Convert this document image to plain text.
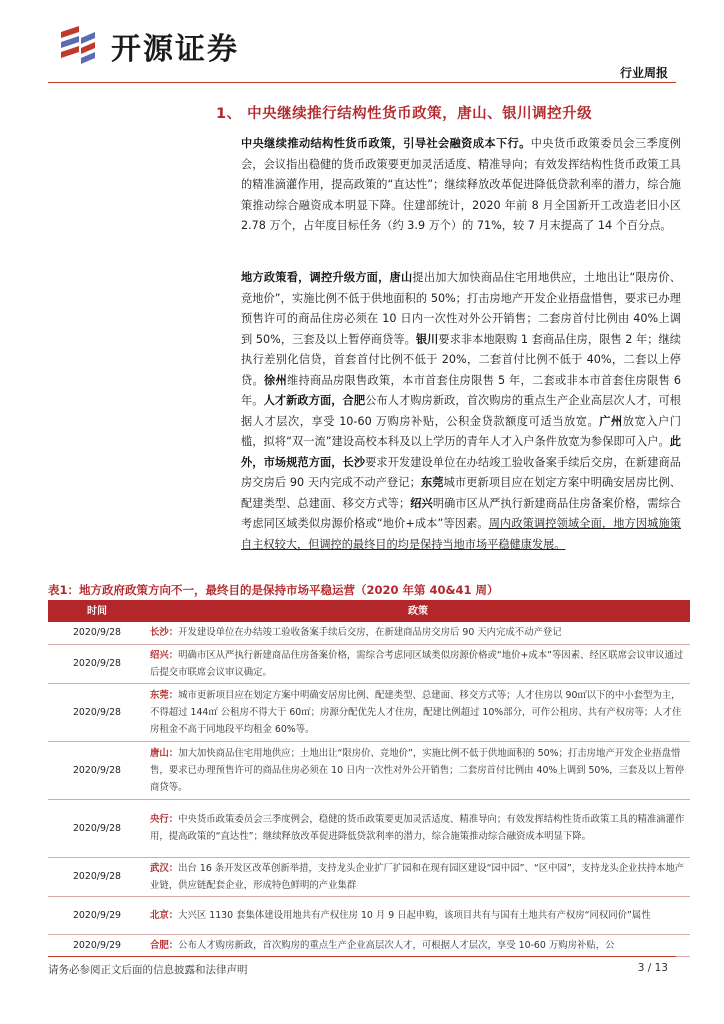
开源证券
行业周报
1、 中央继续推行结构性货币政策，唐山、银川调控升级
中央继续推动结构性货币政策，引导社会融资成本下行。中央货币政策委员会三季度例会，会议指出稳健的货币政策要更加灵活适度、精准导向；有效发挥结构性货币政策工具的精准滴灌作用，提高政策的“直达性”；继续释放改革促进降低贷款利率的潜力，综合施策推动综合融资成本明显下降。住建部统计，2020 年前 8 月全国新开工改造老旧小区 2.78 万个，占年度目标任务（约 3.9 万个）的 71%，较 7 月末提高了 14 个百分点。
地方政策看，调控升级方面，唐山提出加大加快商品住宅用地供应，土地出让“限房价、竞地价”，实施比例不低于供地面积的 50%；打击房地产开发企业捂盘惜售，要求已办理预售许可的商品住房必须在 10 日内一次性对外公开销售；二套房首付比例由 40%上调到 50%，三套及以上暂停商贷等。银川要求非本地限购 1 套商品住房，限售 2 年；继续执行差别化信贷，首套首付比例不低于 20%，二套首付比例不低于 40%，二套以上停贷。徐州维持商品房限售政策，本市首套住房限售 5 年，二套或非本市首套住房限售 6 年。人才新政方面，合肥公布人才购房新政，首次购房的重点生产企业高层次人才，可根据人才层次，享受 10-60 万购房补贴，公积金贷款额度可适当放宽。广州放宽入户门槛，拟将“双一流”建设高校本科及以上学历的青年人才入户条件放宽为参保即可入户。此外，市场规范方面，长沙要求开发建设单位在办结竣工验收备案手续后交房，在新建商品房交房后 90 天内完成不动产登记；东莞城市更新项目应在划定方案中明确安居房比例、配建类型、总建面、移交方式等；绍兴明确市区从严执行新建商品住房备案价格，需综合考虑同区域类似房源价格或“地价+成本”等因素。周内政策调控领域全面，地方因城施策自主权较大，但调控的最终目的均是保持当地市场平稳健康发展。
表1：地方政府政策方向不一，最终目的是保持市场平稳运营（2020 年第 40&41 周）
时间	政策
2020/9/28	长沙：开发建设单位在办结竣工验收备案手续后交房，在新建商品房交房后 90 天内完成不动产登记
2020/9/28	绍兴：明确市区从严执行新建商品住房备案价格，需综合考虑同区域类似房源价格或“地价+成本”等因素、经区联席会议审议通过后提交市联席会议审议确定。
2020/9/28	东莞：城市更新项目应在划定方案中明确安居房比例、配建类型、总建面、移交方式等；人才住房以 90㎡以下的中小套型为主，不得超过 144㎡ 公租房不得大于 60㎡；房源分配优先人才住房，配建比例超过 10%部分，可作公租房、共有产权房等；人才住房租金不高于同地段平均租金 60%等。
2020/9/28	唐山：加大加快商品住宅用地供应；土地出让“限房价、竞地价”，实施比例不低于供地面积的 50%；打击房地产开发企业捂盘惜售，要求已办理预售许可的商品住房必须在 10 日内一次性对外公开销售；二套房首付比例由 40%上调到 50%，三套及以上暂停商贷等。
2020/9/28	央行：中央货币政策委员会三季度例会，稳健的货币政策要更加灵活适度、精准导向；有效发挥结构性货币政策工具的精准滴灌作用，提高政策的“直达性”；继续释放改革促进降低贷款利率的潜力，综合施策推动综合融资成本明显下降。
2020/9/28	武汉：出台 16 条开发区改革创新举措，支持龙头企业扩厂扩园和在现有园区建设“园中园”、“区中园”，支持龙头企业扶持本地产业链，供应链配套企业，形成特色鲜明的产业集群
2020/9/29	北京：大兴区 1130 套集体建设用地共有产权住房 10 月 9 日起申购，该项目共有与国有土地共有产权房“同权同价”属性
2020/9/29	合肥：公布人才购房新政，首次购房的重点生产企业高层次人才，可根据人才层次，享受 10-60 万购房补贴，公
请务必参阅正文后面的信息披露和法律声明	3 / 13
